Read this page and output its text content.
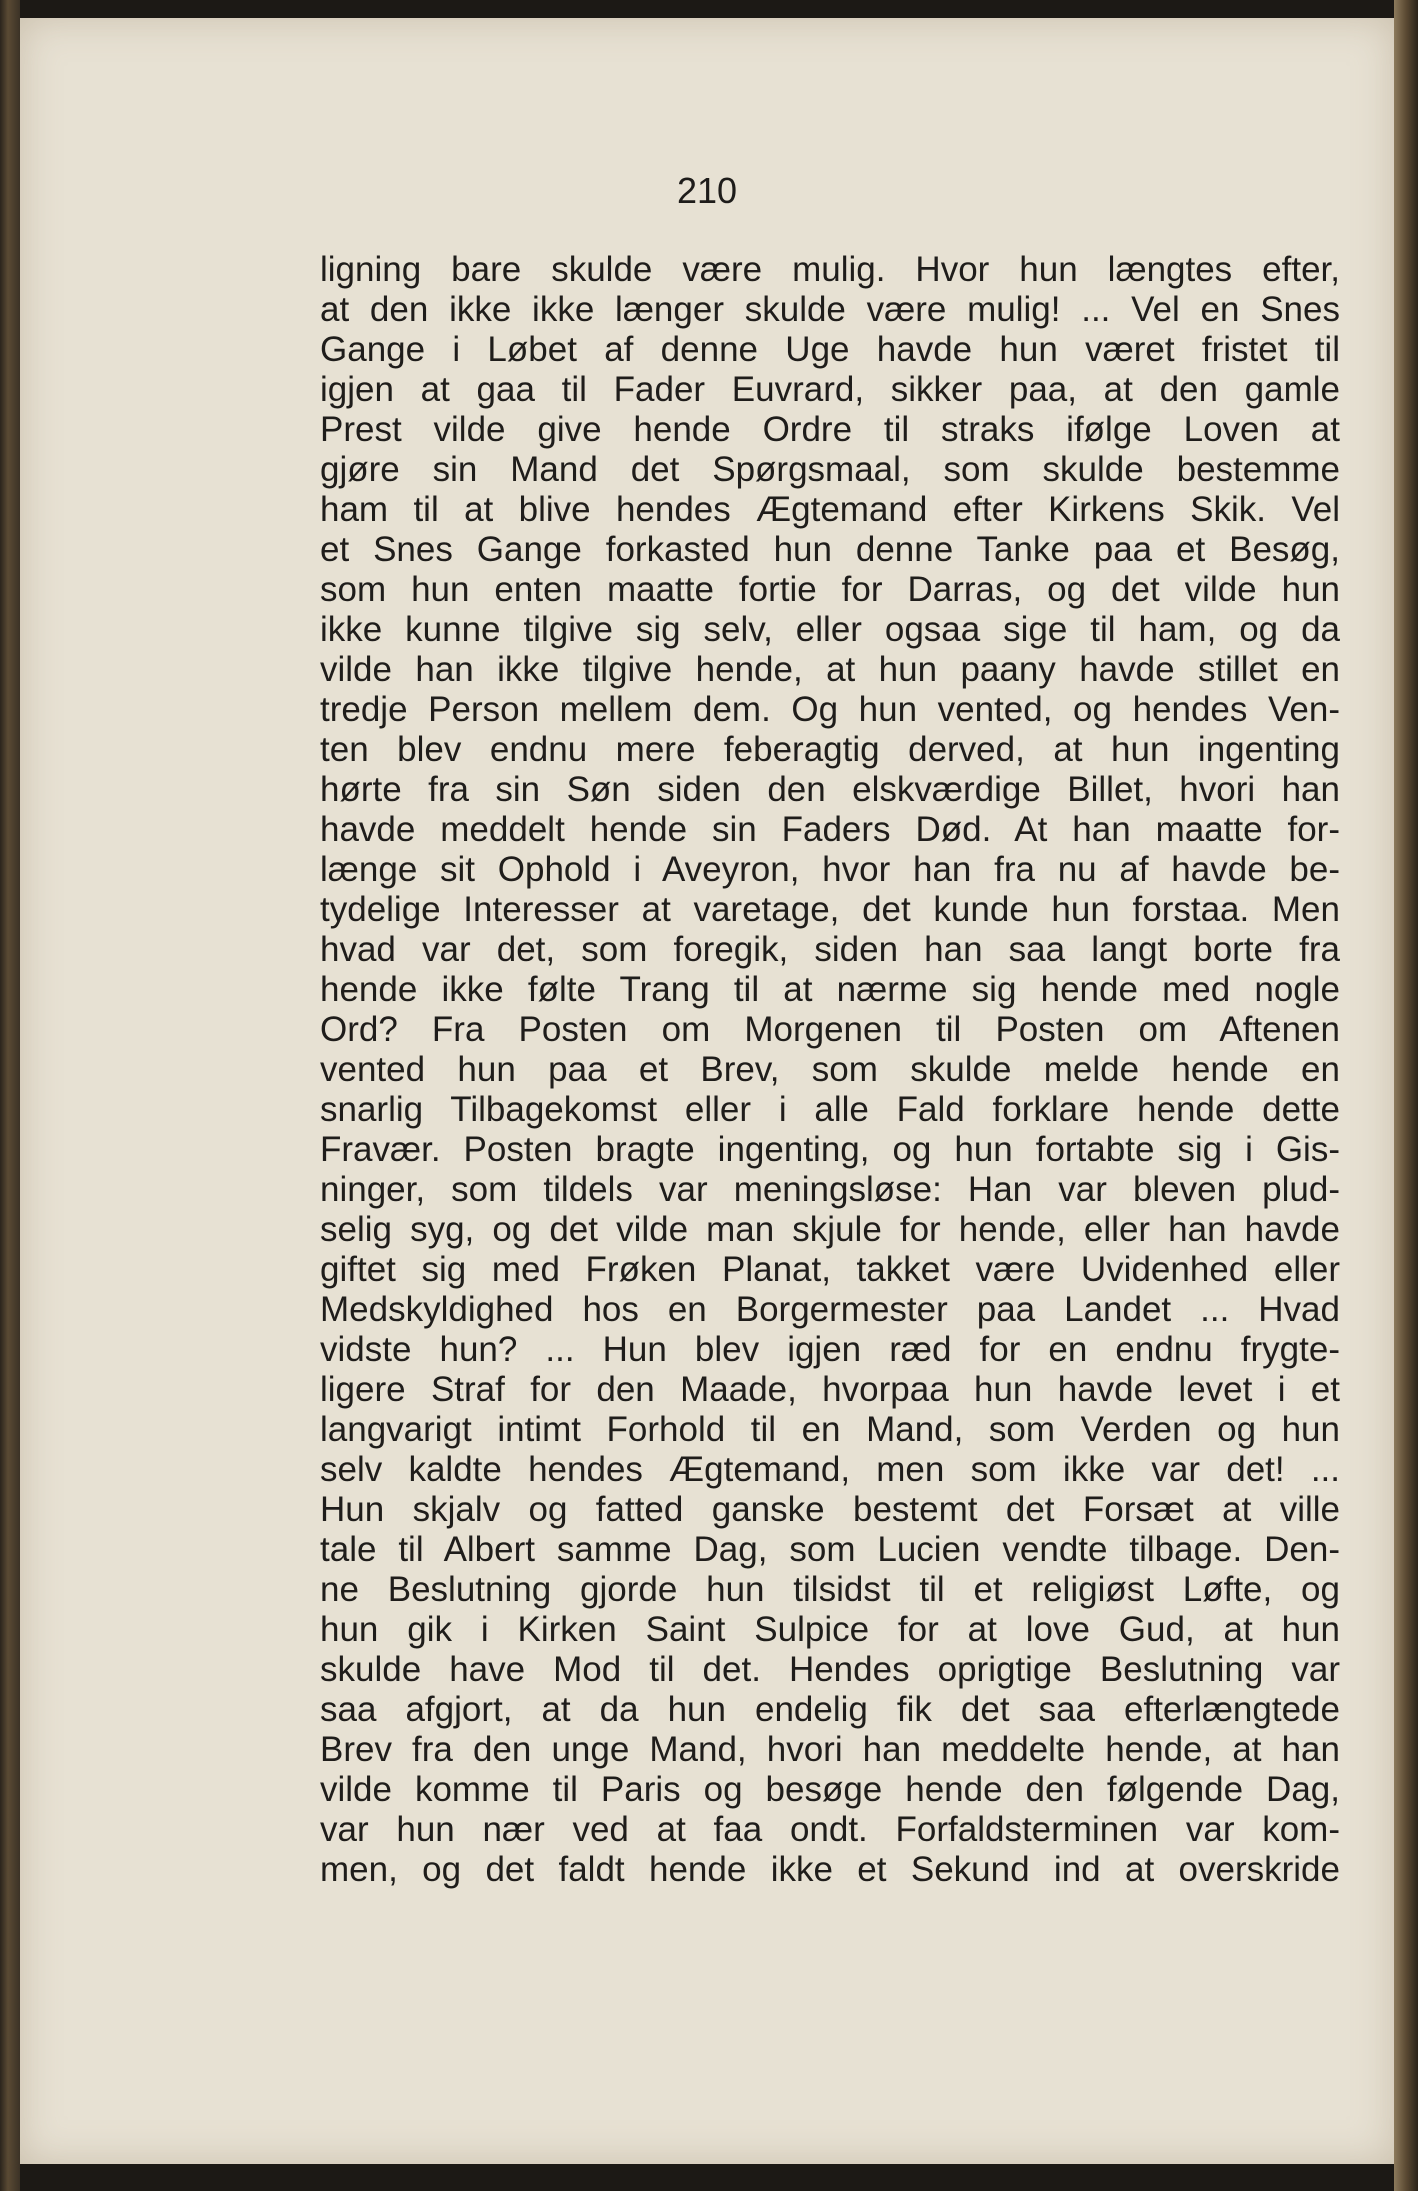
210

ligning bare skulde være mulig. Hvor hun længtes efter,
at den ikke ikke længer skulde være mulig! ... Vel en Snes
Gange i Løbet af denne Uge havde hun været fristet til
igjen at gaa til Fader Euvrard, sikker paa, at den gamle
Prest vilde give hende Ordre til straks ifølge Loven at
gjøre sin Mand det Spørgsmaal, som skulde bestemme
ham til at blive hendes Ægtemand efter Kirkens Skik. Vel
et Snes Gange forkasted hun denne Tanke paa et Besøg,
som hun enten maatte fortie for Darras, og det vilde hun
ikke kunne tilgive sig selv, eller ogsaa sige til ham, og da
vilde han ikke tilgive hende, at hun paany havde stillet en
tredje Person mellem dem. Og hun vented, og hendes Ven-
ten blev endnu mere feberagtig derved, at hun ingenting
hørte fra sin Søn siden den elskværdige Billet, hvori han
havde meddelt hende sin Faders Død. At han maatte for-
længe sit Ophold i Aveyron, hvor han fra nu af havde be-
tydelige Interesser at varetage, det kunde hun forstaa. Men
hvad var det, som foregik, siden han saa langt borte fra
hende ikke følte Trang til at nærme sig hende med nogle
Ord? Fra Posten om Morgenen til Posten om Aftenen
vented hun paa et Brev, som skulde melde hende en
snarlig Tilbagekomst eller i alle Fald forklare hende dette
Fravær. Posten bragte ingenting, og hun fortabte sig i Gis-
ninger, som tildels var meningsløse: Han var bleven plud-
selig syg, og det vilde man skjule for hende, eller han havde
giftet sig med Frøken Planat, takket være Uvidenhed eller
Medskyldighed hos en Borgermester paa Landet ... Hvad
vidste hun? ... Hun blev igjen ræd for en endnu frygte-
ligere Straf for den Maade, hvorpaa hun havde levet i et
langvarigt intimt Forhold til en Mand, som Verden og hun
selv kaldte hendes Ægtemand, men som ikke var det! ...
Hun skjalv og fatted ganske bestemt det Forsæt at ville
tale til Albert samme Dag, som Lucien vendte tilbage. Den-
ne Beslutning gjorde hun tilsidst til et religiøst Løfte, og
hun gik i Kirken Saint Sulpice for at love Gud, at hun
skulde have Mod til det. Hendes oprigtige Beslutning var
saa afgjort, at da hun endelig fik det saa efterlængtede
Brev fra den unge Mand, hvori han meddelte hende, at han
vilde komme til Paris og besøge hende den følgende Dag,
var hun nær ved at faa ondt. Forfaldsterminen var kom-
men, og det faldt hende ikke et Sekund ind at overskride
